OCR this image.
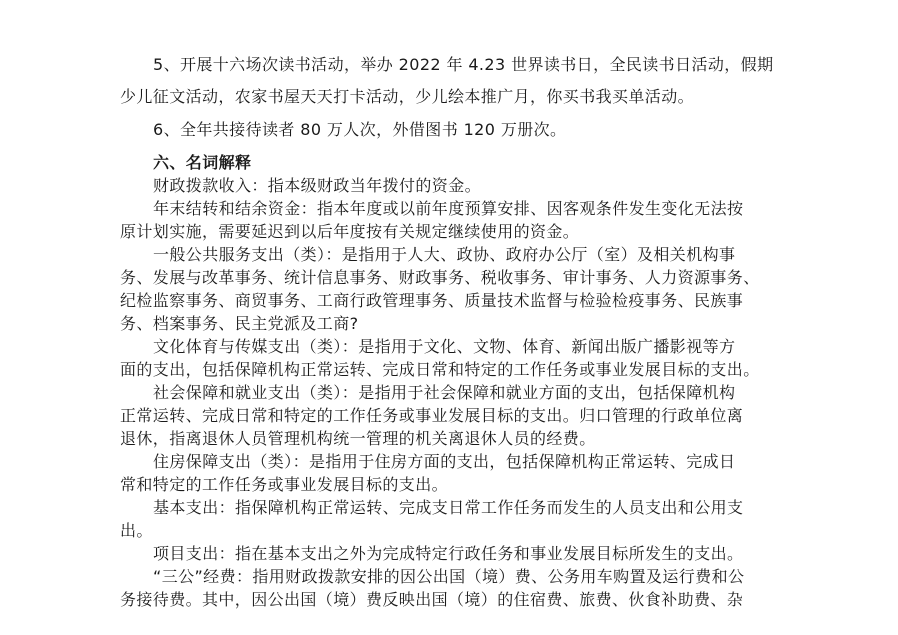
5、开展十六场次读书活动，举办 2022 年 4.23 世界读书日，全民读书日活动，假期
少儿征文活动，农家书屋天天打卡活动，少儿绘本推广月，你买书我买单活动。
6、全年共接待读者 80 万人次，外借图书 120 万册次。
六、名词解释
财政拨款收入：指本级财政当年拨付的资金。
年末结转和结余资金：指本年度或以前年度预算安排、因客观条件发生变化无法按
原计划实施，需要延迟到以后年度按有关规定继续使用的资金。
一般公共服务支出（类）：是指用于人大、政协、政府办公厅（室）及相关机构事
务、发展与改革事务、统计信息事务、财政事务、税收事务、审计事务、人力资源事务、
纪检监察事务、商贸事务、工商行政管理事务、质量技术监督与检验检疫事务、民族事
务、档案事务、民主党派及工商?
文化体育与传媒支出（类）：是指用于文化、文物、体育、新闻出版广播影视等方
面的支出，包括保障机构正常运转、完成日常和特定的工作任务或事业发展目标的支出。
社会保障和就业支出（类）：是指用于社会保障和就业方面的支出，包括保障机构
正常运转、完成日常和特定的工作任务或事业发展目标的支出。归口管理的行政单位离
退休，指离退休人员管理机构统一管理的机关离退休人员的经费。
住房保障支出（类）：是指用于住房方面的支出，包括保障机构正常运转、完成日
常和特定的工作任务或事业发展目标的支出。
基本支出：指保障机构正常运转、完成支日常工作任务而发生的人员支出和公用支
出。
项目支出：指在基本支出之外为完成特定行政任务和事业发展目标所发生的支出。
“三公”经费：指用财政拨款安排的因公出国（境）费、公务用车购置及运行费和公
务接待费。其中，因公出国（境）费反映出国（境）的住宿费、旅费、伙食补助费、杂
